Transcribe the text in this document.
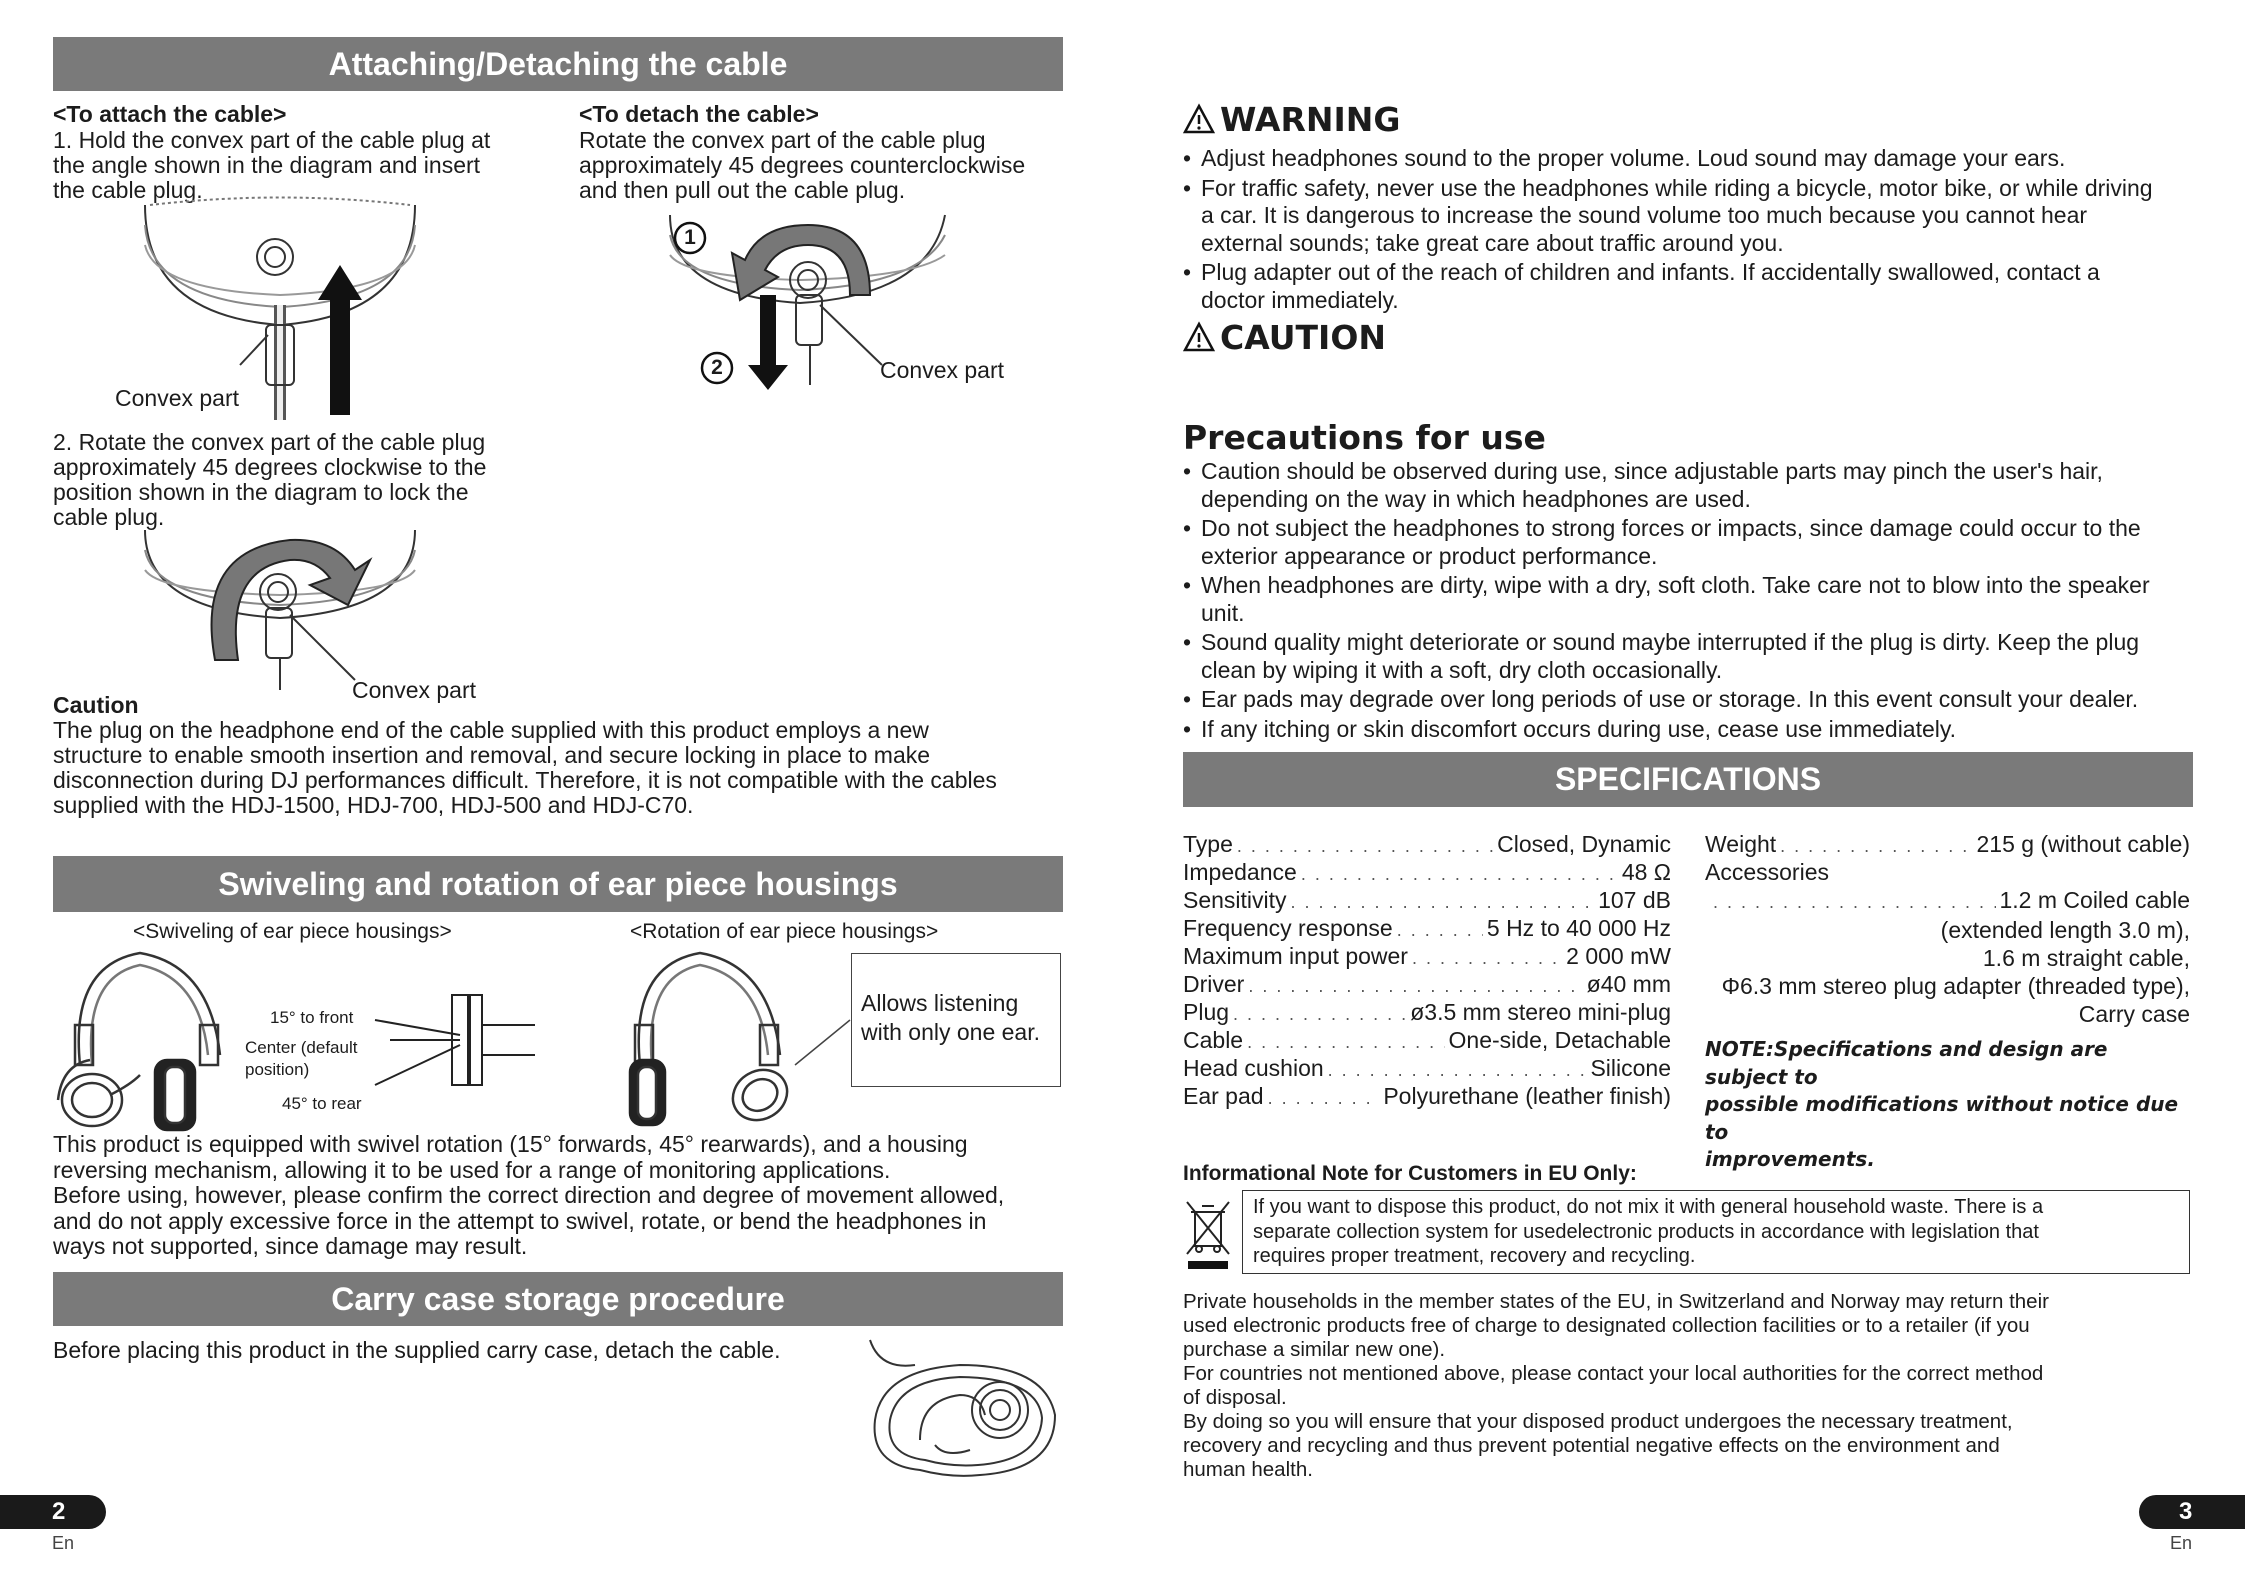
Attaching/Detaching the cable
<To attach the cable>
1. Hold the convex part of the cable plug at
the angle shown in the diagram and insert
the cable plug.
<To detach the cable>
Rotate the convex part of the cable plug
approximately 45 degrees counterclockwise
and then pull out the cable plug.
Convex part
1
2	Convex part
2. Rotate the convex part of the cable plug
approximately 45 degrees clockwise to the
position shown in the diagram to lock the
cable plug.
Convex part
Caution
The plug on the headphone end of the cable supplied with this product employs a new
structure to enable smooth insertion and removal, and secure locking in place to make
disconnection during DJ performances difficult. Therefore, it is not compatible with the cables
supplied with the HDJ-1500, HDJ-700, HDJ-500 and HDJ-C70.
Swiveling and rotation of ear piece housings
<Swiveling of ear piece housings>	<Rotation of ear piece housings>
15° to front
Center (default
position)
45° to rear
Allows listening
with only one ear.
This product is equipped with swivel rotation (15° forwards, 45° rearwards), and a housing
reversing mechanism, allowing it to be used for a range of monitoring applications.
Before using, however, please confirm the correct direction and degree of movement allowed,
and do not apply excessive force in the attempt to swivel, rotate, or bend the headphones in
ways not supported, since damage may result.
Carry case storage procedure
Before placing this product in the supplied carry case, detach the cable.
2
En
WARNING
• Adjust headphones sound to the proper volume. Loud sound may damage your ears.
• For traffic safety, never use the headphones while riding a bicycle, motor bike, or while driving a car. It is dangerous to increase the sound volume too much because you cannot hear external sounds; take great care about traffic around you.
• Plug adapter out of the reach of children and infants. If accidentally swallowed, contact a doctor immediately.
CAUTION
Precautions for use
• Caution should be observed during use, since adjustable parts may pinch the user's hair, depending on the way in which headphones are used.
• Do not subject the headphones to strong forces or impacts, since damage could occur to the exterior appearance or product performance.
• When headphones are dirty, wipe with a dry, soft cloth. Take care not to blow into the speaker unit.
• Sound quality might deteriorate or sound maybe interrupted if the plug is dirty. Keep the plug clean by wiping it with a soft, dry cloth occasionally.
• Ear pads may degrade over long periods of use or storage. In this event consult your dealer.
• If any itching or skin discomfort occurs during use, cease use immediately.
SPECIFICATIONS
Type . . .	Closed, Dynamic
Impedance . . .	48 Ω
Sensitivity . . .	107 dB
Frequency response . . .	5 Hz to 40 000 Hz
Maximum input power . . .	2 000 mW
Driver . . .	ø40 mm
Plug . . .	ø3.5 mm stereo mini-plug
Cable . . .	One-side, Detachable
Head cushion . . .	Silicone
Ear pad . . .	Polyurethane (leather finish)
Weight . . .	215 g (without cable)
Accessories
. . .
1.2 m Coiled cable
(extended length 3.0 m),
1.6 m straight cable,
Φ6.3 mm stereo plug adapter (threaded type),
Carry case
NOTE:Specifications and design are subject to
possible modifications without notice due to
improvements.
Informational Note for Customers in EU Only:
If you want to dispose this product, do not mix it with general household waste. There is a
separate collection system for usedelectronic products in accordance with legislation that
requires proper treatment, recovery and recycling.
Private households in the member states of the EU, in Switzerland and Norway may return their
used electronic products free of charge to designated collection facilities or to a retailer (if you
purchase a similar new one).
For countries not mentioned above, please contact your local authorities for the correct method
of disposal.
By doing so you will ensure that your disposed product undergoes the necessary treatment,
recovery and recycling and thus prevent potential negative effects on the environment and
human health.
3
En
